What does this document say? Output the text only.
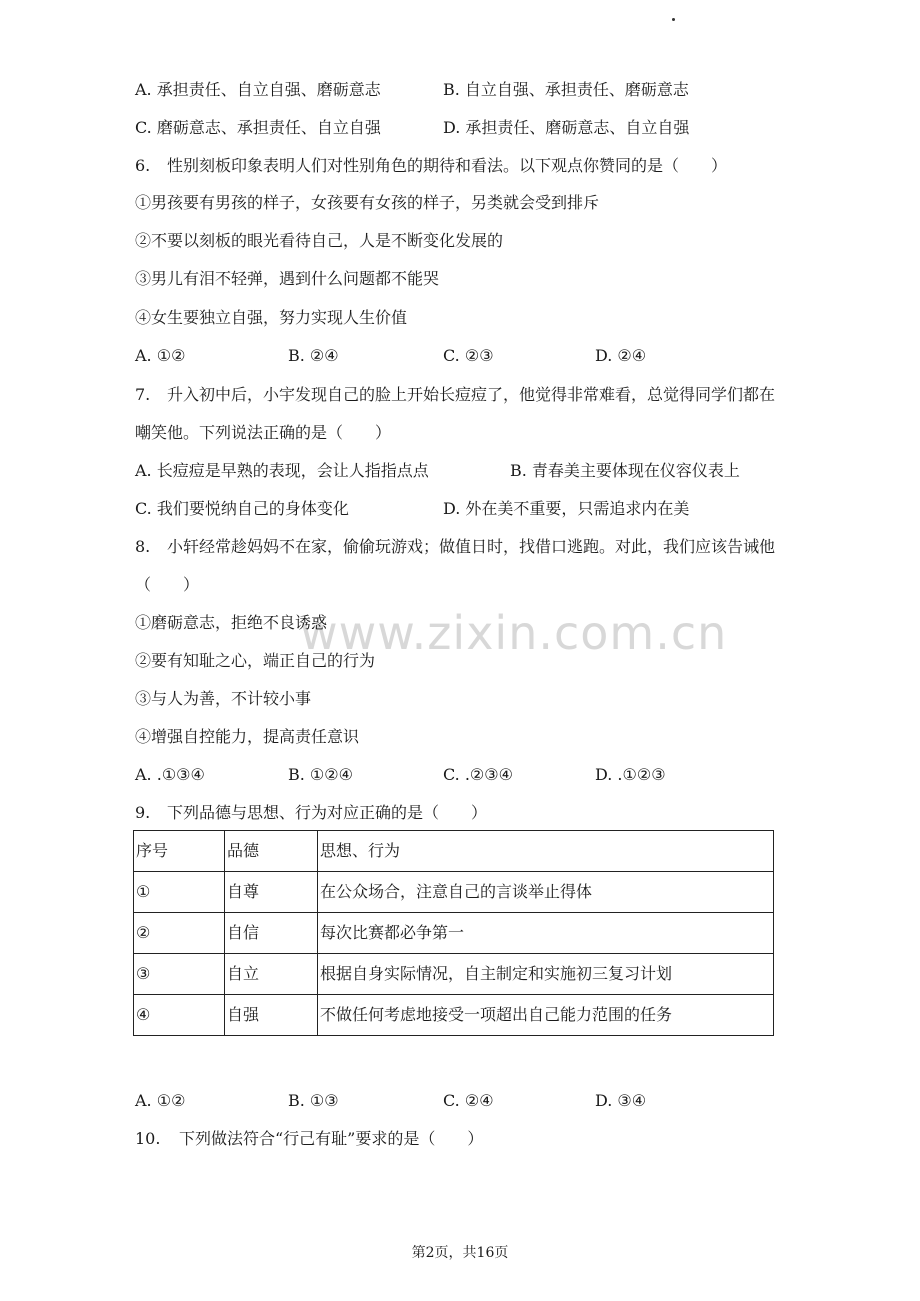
A. 承担责任、自立自强、磨砺意志	B. 自立自强、承担责任、磨砺意志
C. 磨砺意志、承担责任、自立自强	D. 承担责任、磨砺意志、自立自强
6. 性别刻板印象表明人们对性别角色的期待和看法。以下观点你赞同的是（　　）
①男孩要有男孩的样子，女孩要有女孩的样子，另类就会受到排斥
②不要以刻板的眼光看待自己，人是不断变化发展的
③男儿有泪不轻弹，遇到什么问题都不能哭
④女生要独立自强，努力实现人生价值
A. ①②	B. ②④	C. ②③	D. ②④
7. 升入初中后，小宇发现自己的脸上开始长痘痘了，他觉得非常难看，总觉得同学们都在
嘲笑他。下列说法正确的是（　　）
A. 长痘痘是早熟的表现，会让人指指点点	B. 青春美主要体现在仪容仪表上
C. 我们要悦纳自己的身体变化	D. 外在美不重要，只需追求内在美
8. 小轩经常趁妈妈不在家，偷偷玩游戏；做值日时，找借口逃跑。对此，我们应该告诫他
（　　）
www.zixin.com.cn
①磨砺意志，拒绝不良诱惑
②要有知耻之心，端正自己的行为
③与人为善，不计较小事
④增强自控能力，提高责任意识
A. .①③④	B. ①②④	C. .②③④	D. .①②③
9. 下列品德与思想、行为对应正确的是（　　）
序号	品德	思想、行为
①	自尊	在公众场合，注意自己的言谈举止得体
②	自信	每次比赛都必争第一
③	自立	根据自身实际情况，自主制定和实施初三复习计划
④	自强	不做任何考虑地接受一项超出自己能力范围的任务
A. ①②	B. ①③	C. ②④	D. ③④
10. 下列做法符合“行己有耻”要求的是（　　）
第2页，共16页
